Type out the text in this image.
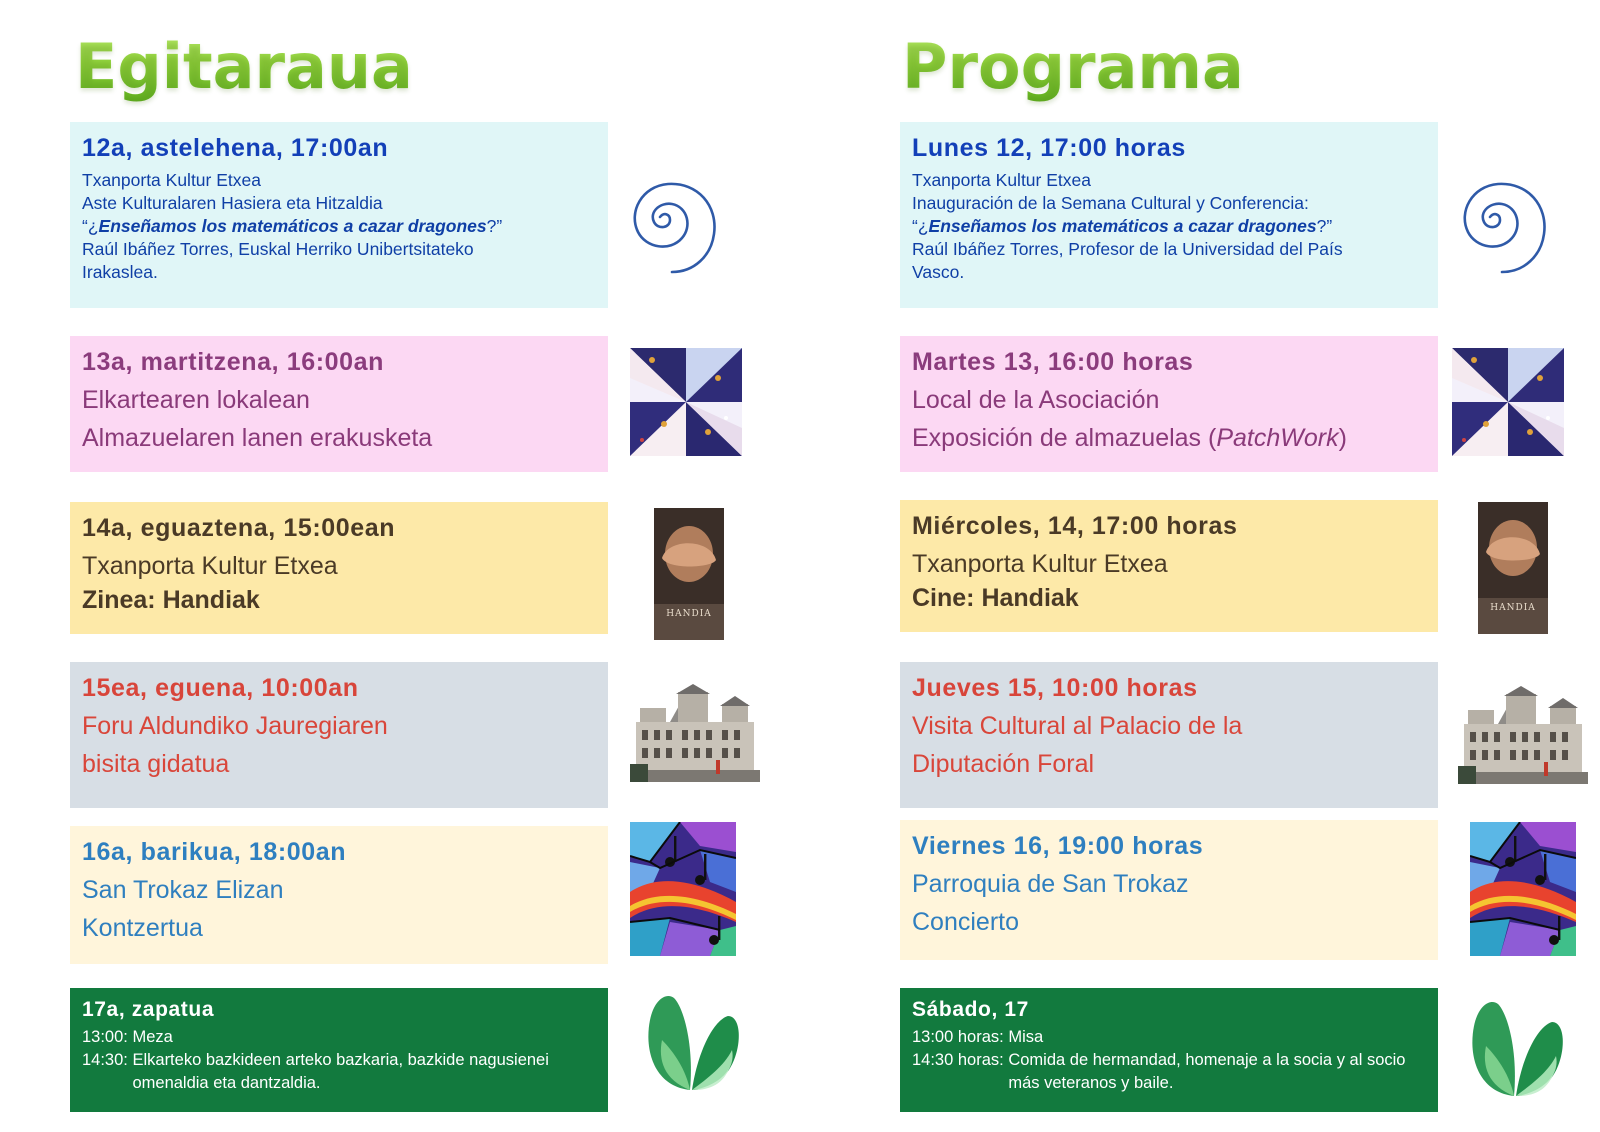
Egitaraua
12a, astelehena, 17:00an

Txanporta Kultur Etxea

Aste Kulturalaren Hasiera eta Hitzaldia

“¿Enseñamos los matemáticos a cazar dragones?”

Raúl Ibáñez Torres, Euskal Herriko Unibertsitateko

Irakaslea.

13a, martitzena, 16:00an

Elkartearen lokalean

Almazuelaren lanen erakusketa

14a, eguaztena, 15:00ean

Txanporta Kultur Etxea

Zinea: Handiak	HANDIA
15ea, eguena, 10:00an

Foru Aldundiko Jauregiaren

bisita gidatua

16a, barikua, 18:00an

San Trokaz Elizan

Kontzertua

17a, zapatua
13:00:
Meza
14:30:
Elkarteko bazkideen arteko bazkaria, bazkide nagusienei omenaldia eta dantzaldia.
Programa
Lunes 12, 17:00 horas

Txanporta Kultur Etxea

Inauguración de la Semana Cultural y Conferencia:

“¿Enseñamos los matemáticos a cazar dragones?”

Raúl Ibáñez Torres, Profesor de la Universidad del País

Vasco.

Martes 13, 16:00 horas

Local de la Asociación

Exposición de almazuelas (PatchWork)

Miércoles, 14, 17:00 horas

Txanporta Kultur Etxea

Cine: Handiak	HANDIA
Jueves 15, 10:00 horas

Visita Cultural al Palacio de la

Diputación Foral

Viernes 16, 19:00 horas

Parroquia de San Trokaz

Concierto

Sábado, 17
13:00 horas:
Misa
14:30 horas:
Comida de hermandad, homenaje a la socia y al socio más veteranos y baile.
